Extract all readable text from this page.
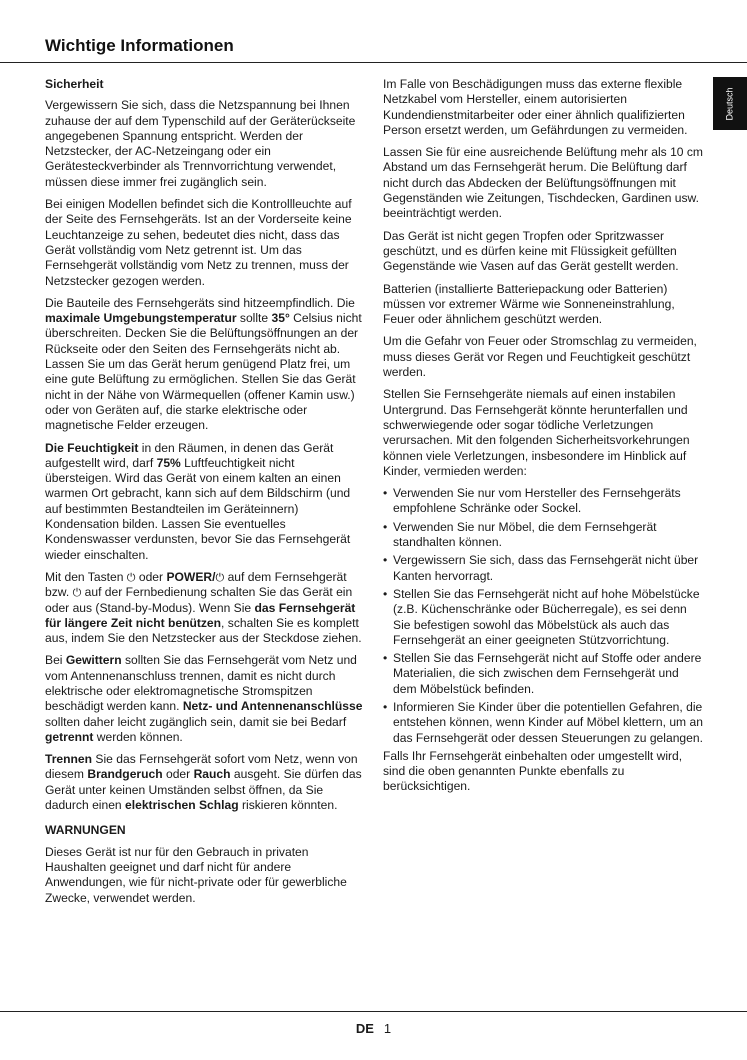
Wichtige Informationen
Deutsch
Sicherheit

Vergewissern Sie sich, dass die Netzspannung bei Ihnen zuhause der auf dem Typenschild auf der Geräterückseite angegebenen Spannung entspricht. Werden der Netzstecker, der AC-Netzeingang oder ein Gerätesteckverbinder als Trennvorrichtung verwendet, müssen diese immer frei zugänglich sein.

Bei einigen Modellen befindet sich die Kontrollleuchte auf der Seite des Fernsehgeräts. Ist an der Vorderseite keine Leuchtanzeige zu sehen, bedeutet dies nicht, dass das Gerät vollständig vom Netz getrennt ist. Um das Fernsehgerät vollständig vom Netz zu trennen, muss der Netzstecker gezogen werden.

Die Bauteile des Fernsehgeräts sind hitzeempfindlich. Die maximale Umgebungstemperatur sollte 35° Celsius nicht überschreiten. Decken Sie die Belüftungsöffnungen an der Rückseite oder den Seiten des Fernsehgeräts nicht ab. Lassen Sie um das Gerät herum genügend Platz frei, um eine gute Belüftung zu ermöglichen. Stellen Sie das Gerät nicht in der Nähe von Wärmequellen (offener Kamin usw.) oder von Geräten auf, die starke elektrische oder magnetische Felder erzeugen.

Die Feuchtigkeit in den Räumen, in denen das Gerät aufgestellt wird, darf 75% Luftfeuchtigkeit nicht übersteigen. Wird das Gerät von einem kalten an einen warmen Ort gebracht, kann sich auf dem Bildschirm (und auf bestimmten Bestandteilen im Geräteinnern) Kondensation bilden. Lassen Sie eventuelles Kondenswasser verdunsten, bevor Sie das Fernsehgerät wieder einschalten.

Mit den Tasten ⏻ oder POWER/⏻ auf dem Fernsehgerät bzw. ⏻ auf der Fernbedienung schalten Sie das Gerät ein oder aus (Stand-by-Modus). Wenn Sie das Fernsehgerät für längere Zeit nicht benützen, schalten Sie es komplett aus, indem Sie den Netzstecker aus der Steckdose ziehen.

Bei Gewittern sollten Sie das Fernsehgerät vom Netz und vom Antennenanschluss trennen, damit es nicht durch elektrische oder elektromagnetische Stromspitzen beschädigt werden kann. Netz- und Antennenanschlüsse sollten daher leicht zugänglich sein, damit sie bei Bedarf getrennt werden können.

Trennen Sie das Fernsehgerät sofort vom Netz, wenn von diesem Brandgeruch oder Rauch ausgeht. Sie dürfen das Gerät unter keinen Umständen selbst öffnen, da Sie dadurch einen elektrischen Schlag riskieren könnten.

WARNUNGEN

Dieses Gerät ist nur für den Gebrauch in privaten Haushalten geeignet und darf nicht für andere Anwendungen, wie für nicht-private oder für gewerbliche Zwecke, verwendet werden.

Im Falle von Beschädigungen muss das externe flexible Netzkabel vom Hersteller, einem autorisierten Kundendienstmitarbeiter oder einer ähnlich qualifizierten Person ersetzt werden, um Gefährdungen zu vermeiden.

Lassen Sie für eine ausreichende Belüftung mehr als 10 cm Abstand um das Fernsehgerät herum. Die Belüftung darf nicht durch das Abdecken der Belüftungsöffnungen mit Gegenständen wie Zeitungen, Tischdecken, Gardinen usw. beeinträchtigt werden.

Das Gerät ist nicht gegen Tropfen oder Spritzwasser geschützt, und es dürfen keine mit Flüssigkeit gefüllten Gegenstände wie Vasen auf das Gerät gestellt werden.

Batterien (installierte Batteriepackung oder Batterien) müssen vor extremer Wärme wie Sonneneinstrahlung, Feuer oder ähnlichem geschützt werden.

Um die Gefahr von Feuer oder Stromschlag zu vermeiden, muss dieses Gerät vor Regen und Feuchtigkeit geschützt werden.

Stellen Sie Fernsehgeräte niemals auf einen instabilen Untergrund. Das Fernsehgerät könnte herunterfallen und schwerwiegende oder sogar tödliche Verletzungen verursachen. Mit den folgenden Sicherheitsvorkehrungen können viele Verletzungen, insbesondere im Hinblick auf Kinder, vermieden werden:

• Verwenden Sie nur vom Hersteller des Fernsehgeräts empfohlene Schränke oder Sockel.
• Verwenden Sie nur Möbel, die dem Fernsehgerät standhalten können.
• Vergewissern Sie sich, dass das Fernsehgerät nicht über Kanten hervorragt.
• Stellen Sie das Fernsehgerät nicht auf hohe Möbelstücke (z.B. Küchenschränke oder Bücherregale), es sei denn Sie befestigen sowohl das Möbelstück als auch das Fernsehgerät an einer geeigneten Stützvorrichtung.
• Stellen Sie das Fernsehgerät nicht auf Stoffe oder andere Materialien, die sich zwischen dem Fernsehgerät und dem Möbelstück befinden.
• Informieren Sie Kinder über die potentiellen Gefahren, die entstehen können, wenn Kinder auf Möbel klettern, um an das Fernsehgerät oder dessen Steuerungen zu gelangen.

Falls Ihr Fernsehgerät einbehalten oder umgestellt wird, sind die oben genannten Punkte ebenfalls zu berücksichtigen.

DE 1
